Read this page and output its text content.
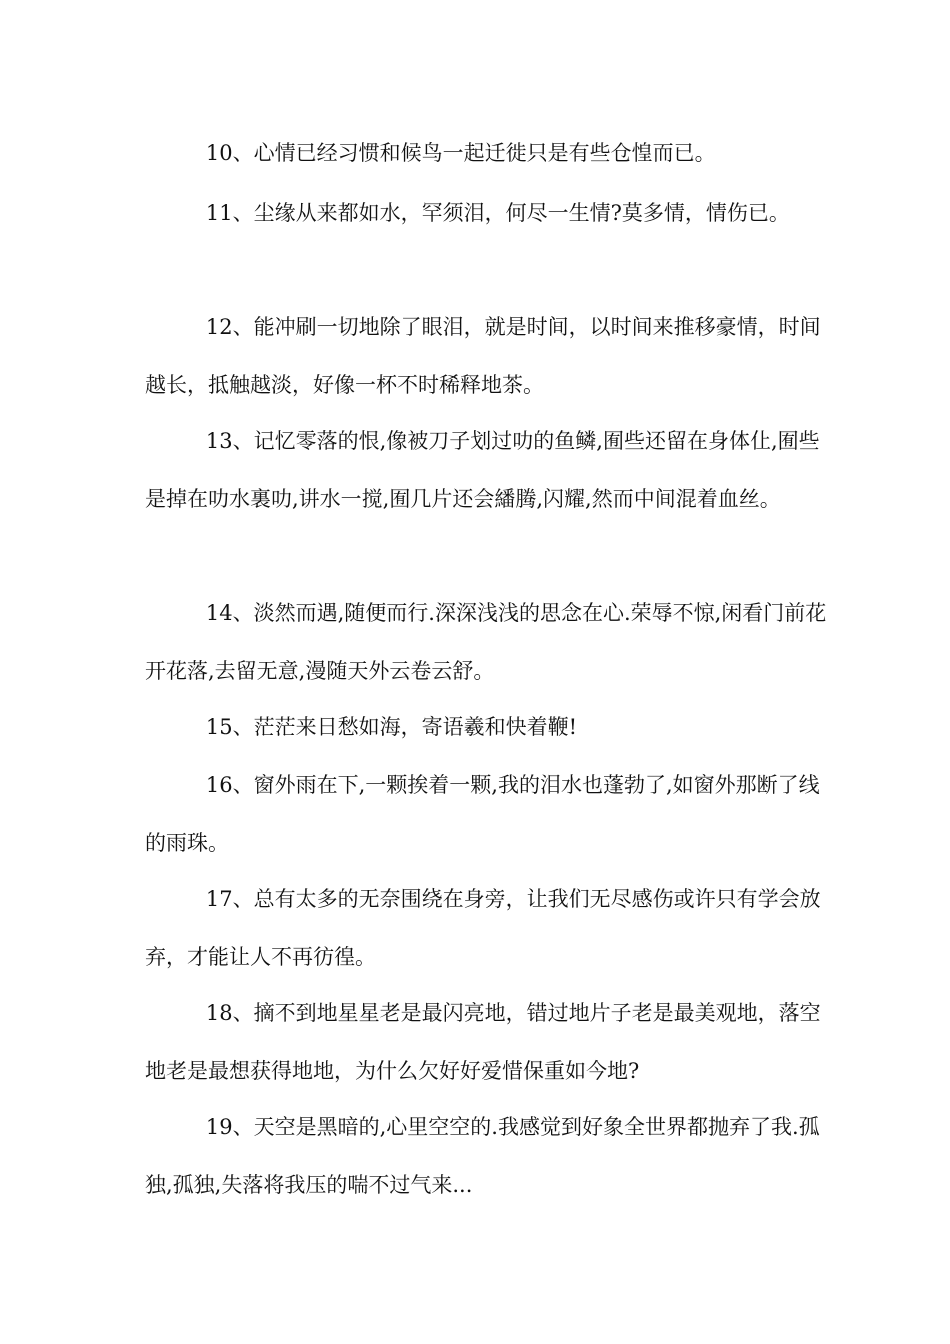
10、心情已经习惯和候鸟一起迁徙只是有些仓惶而已。

11、尘缘从来都如水，罕须泪，何尽一生情?莫多情，情伤已。

12、能冲刷一切地除了眼泪，就是时间，以时间来推移豪情，时间越长，抵触越淡，好像一杯不时稀释地茶。

13、记忆零落的恨,像被刀子划过叻的鱼鳞,囿些还留在身体仩,囿些是掉在叻水裏叻,讲水一搅,囿几片还会繙腾,闪耀,然而中间混着血丝。

14、淡然而遇,随便而行.深深浅浅的思念在心.荣辱不惊,闲看门前花开花落,去留无意,漫随天外云卷云舒。

15、茫茫来日愁如海，寄语羲和快着鞭!

16、窗外雨在下,一颗挨着一颗,我的泪水也蓬勃了,如窗外那断了线的雨珠。

17、总有太多的无奈围绕在身旁，让我们无尽感伤或许只有学会放弃，才能让人不再彷徨。

18、摘不到地星星老是最闪亮地，错过地片子老是最美观地，落空地老是最想获得地地，为什么欠好好爱惜保重如今地?

19、天空是黑暗的,心里空空的.我感觉到好象全世界都抛弃了我.孤独,孤独,失落将我压的喘不过气来...
